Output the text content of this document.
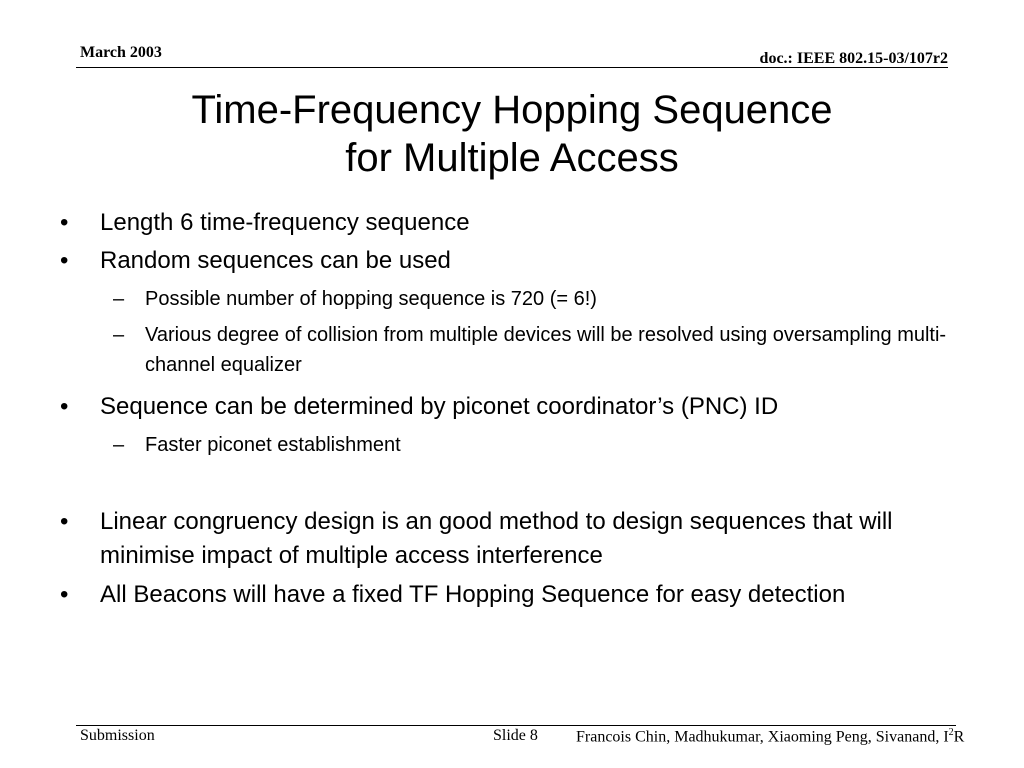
March 2003	doc.: IEEE 802.15-03/107r2
Time-Frequency Hopping Sequence
for Multiple Access
•	Length 6 time-frequency sequence
•	Random sequences can be used
–	Possible number of hopping sequence is 720 (= 6!)
–	Various degree of collision from multiple devices will be resolved using oversampling multi-channel equalizer
•	Sequence can be determined by piconet coordinator’s (PNC) ID
–	Faster piconet establishment
•	Linear congruency design is an good method to design sequences that will minimise impact of multiple access interference
•	All Beacons will have a fixed TF Hopping Sequence for easy detection
Submission	Slide 8 Francois Chin, Madhukumar, Xiaoming Peng, Sivanand, $I^2R$
